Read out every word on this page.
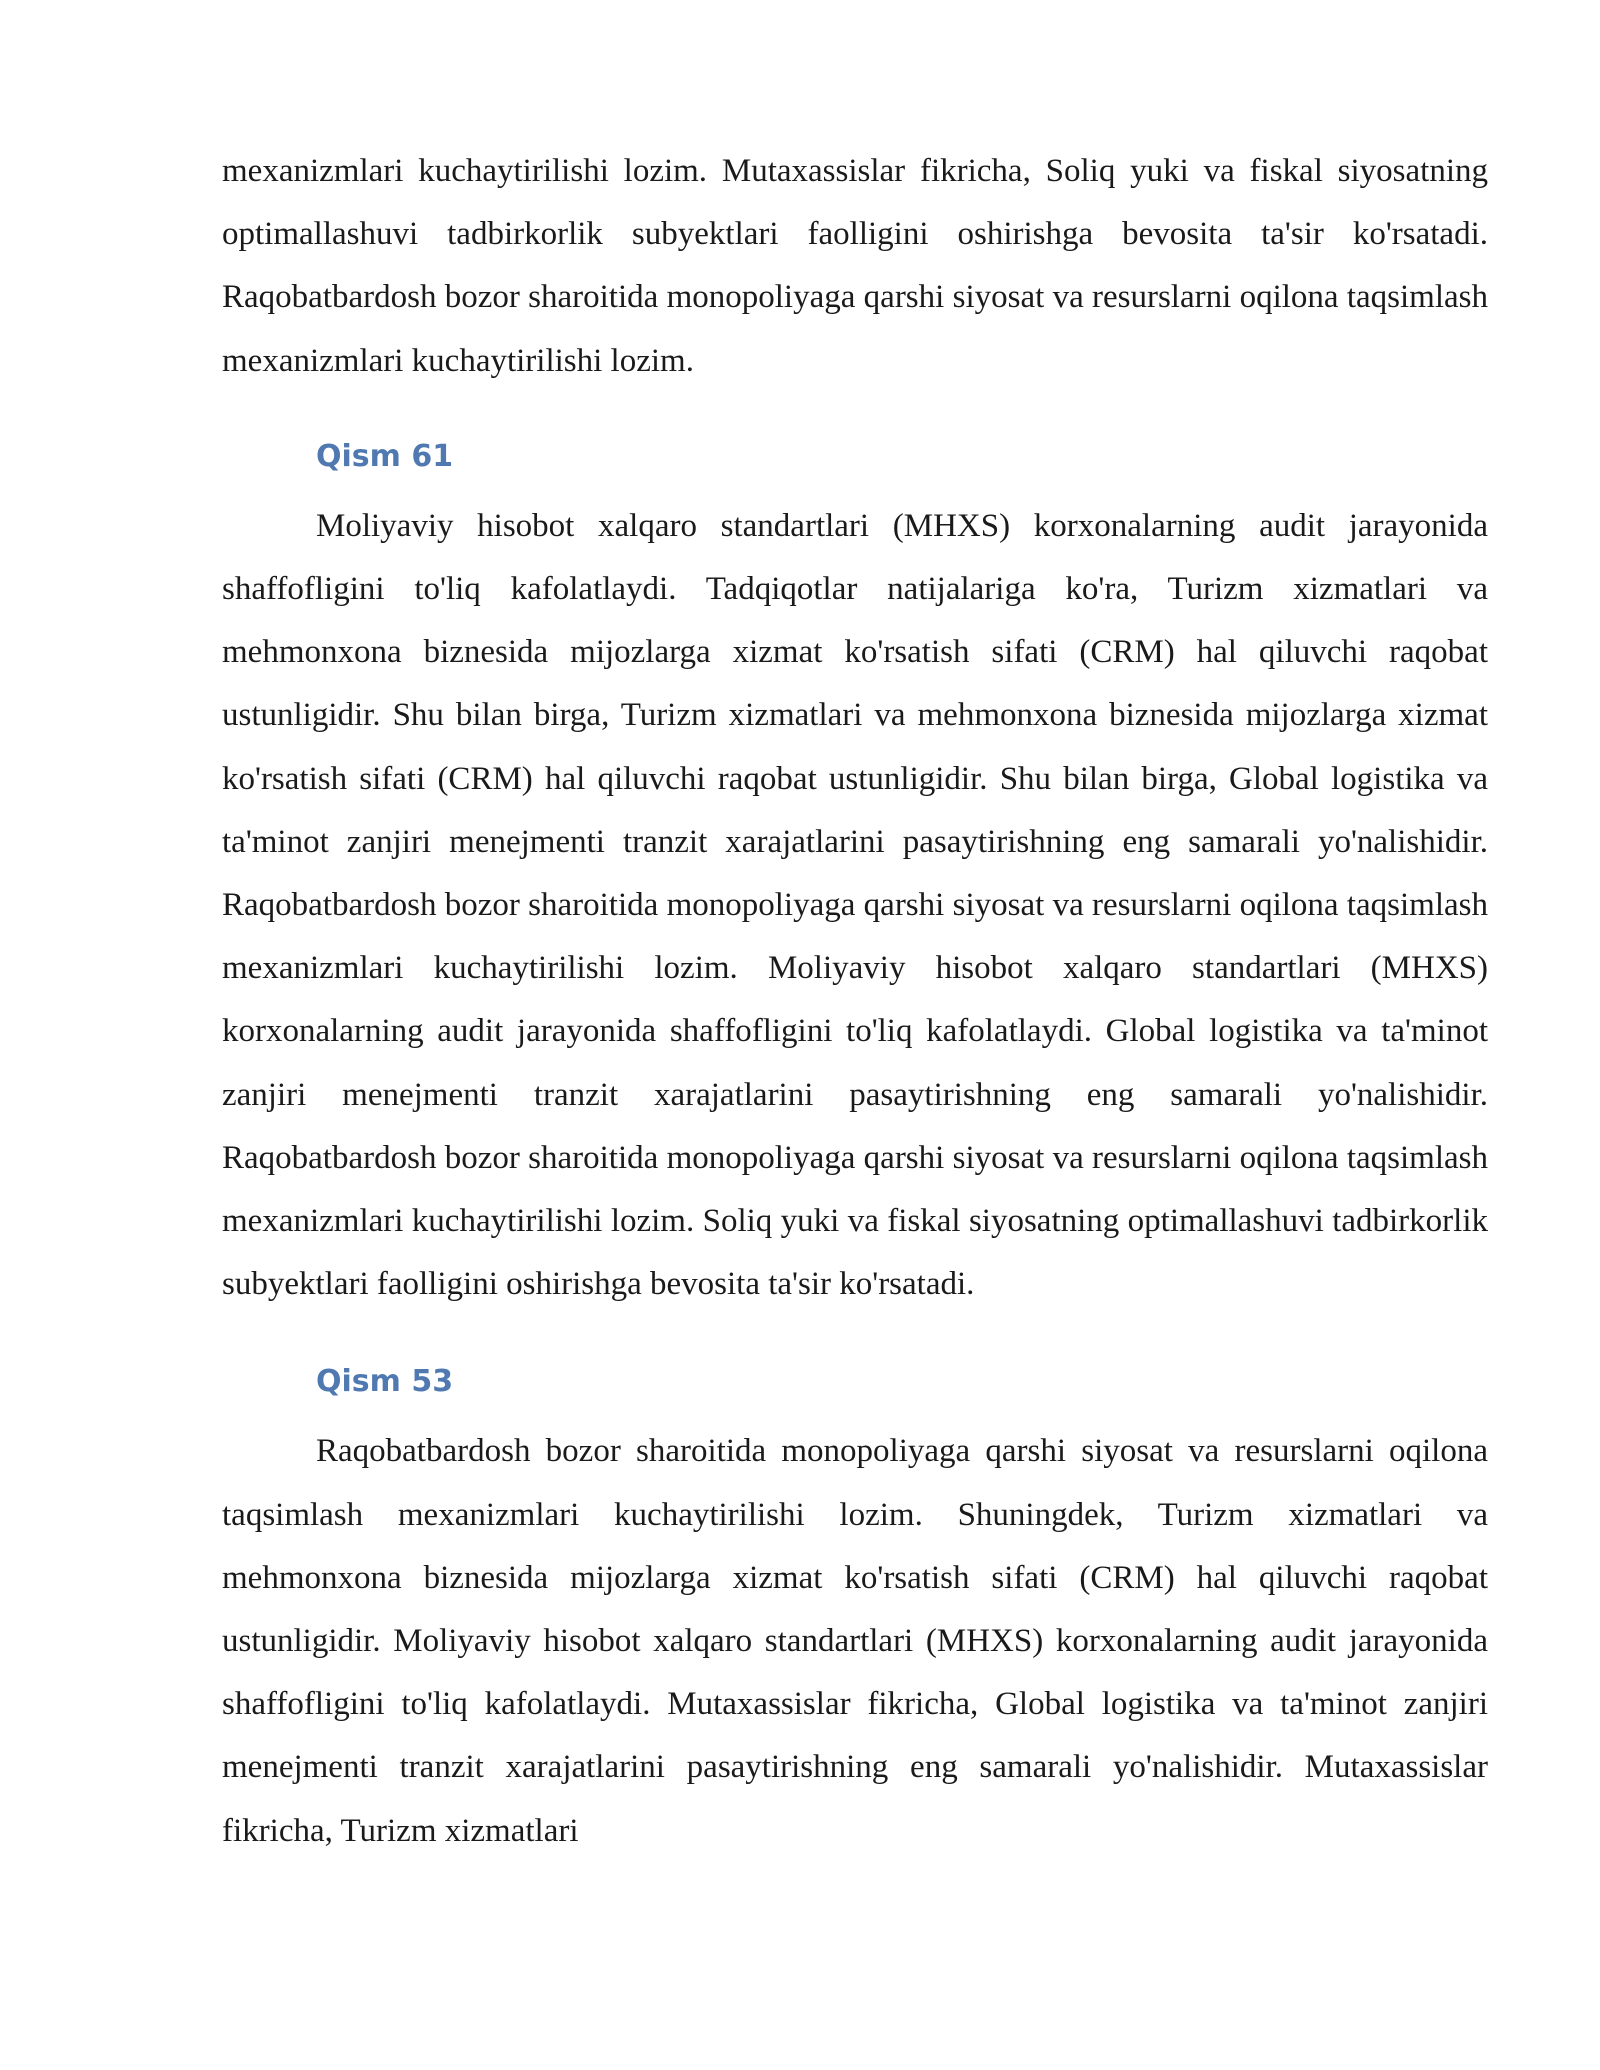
mexanizmlari kuchaytirilishi lozim. Mutaxassislar fikricha, Soliq yuki va fiskal siyosatning optimallashuvi tadbirkorlik subyektlari faolligini oshirishga bevosita ta'sir ko'rsatadi. Raqobatbardosh bozor sharoitida monopoliyaga qarshi siyosat va resurslarni oqilona taqsimlash mexanizmlari kuchaytirilishi lozim.

Qism 61

Moliyaviy hisobot xalqaro standartlari (MHXS) korxonalarning audit jarayonida shaffofligini to'liq kafolatlaydi. Tadqiqotlar natijalariga ko'ra, Turizm xizmatlari va mehmonxona biznesida mijozlarga xizmat ko'rsatish sifati (CRM) hal qiluvchi raqobat ustunligidir. Shu bilan birga, Turizm xizmatlari va mehmonxona biznesida mijozlarga xizmat ko'rsatish sifati (CRM) hal qiluvchi raqobat ustunligidir. Shu bilan birga, Global logistika va ta'minot zanjiri menejmenti tranzit xarajatlarini pasaytirishning eng samarali yo'nalishidir. Raqobatbardosh bozor sharoitida monopoliyaga qarshi siyosat va resurslarni oqilona taqsimlash mexanizmlari kuchaytirilishi lozim. Moliyaviy hisobot xalqaro standartlari (MHXS) korxonalarning audit jarayonida shaffofligini to'liq kafolatlaydi. Global logistika va ta'minot zanjiri menejmenti tranzit xarajatlarini pasaytirishning eng samarali yo'nalishidir. Raqobatbardosh bozor sharoitida monopoliyaga qarshi siyosat va resurslarni oqilona taqsimlash mexanizmlari kuchaytirilishi lozim. Soliq yuki va fiskal siyosatning optimallashuvi tadbirkorlik subyektlari faolligini oshirishga bevosita ta'sir ko'rsatadi.

Qism 53

Raqobatbardosh bozor sharoitida monopoliyaga qarshi siyosat va resurslarni oqilona taqsimlash mexanizmlari kuchaytirilishi lozim. Shuningdek, Turizm xizmatlari va mehmonxona biznesida mijozlarga xizmat ko'rsatish sifati (CRM) hal qiluvchi raqobat ustunligidir. Moliyaviy hisobot xalqaro standartlari (MHXS) korxonalarning audit jarayonida shaffofligini to'liq kafolatlaydi. Mutaxassislar fikricha, Global logistika va ta'minot zanjiri menejmenti tranzit xarajatlarini pasaytirishning eng samarali yo'nalishidir. Mutaxassislar fikricha, Turizm xizmatlari
